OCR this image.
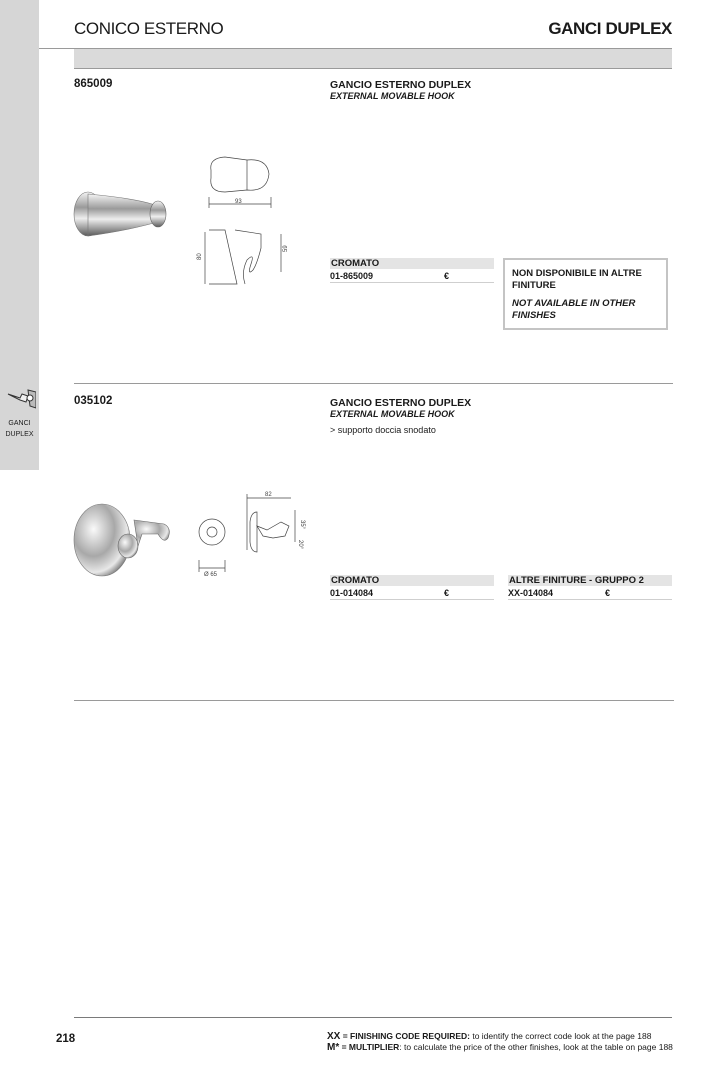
GANCI
DUPLEX
CONICO ESTERNO	GANCI DUPLEX
865009	GANCIO ESTERNO DUPLEX
EXTERNAL MOVABLE HOOK
93
80
59
CROMATO
01-865009	€	NON DISPONIBILE IN ALTRE FINITURE
NOT AVAILABLE IN OTHER FINISHES
035102	GANCIO ESTERNO DUPLEX
EXTERNAL MOVABLE HOOK
> supporto doccia snodato
Ø 65
82
35°
20°
CROMATO
01-014084	€
ALTRE FINITURE - GRUPPO 2
XX-014084	€
218	XX = FINISHING CODE REQUIRED: to identify the correct code look at the page 188
M* = MULTIPLIER: to calculate the price of the other finishes, look at the table on page 188
